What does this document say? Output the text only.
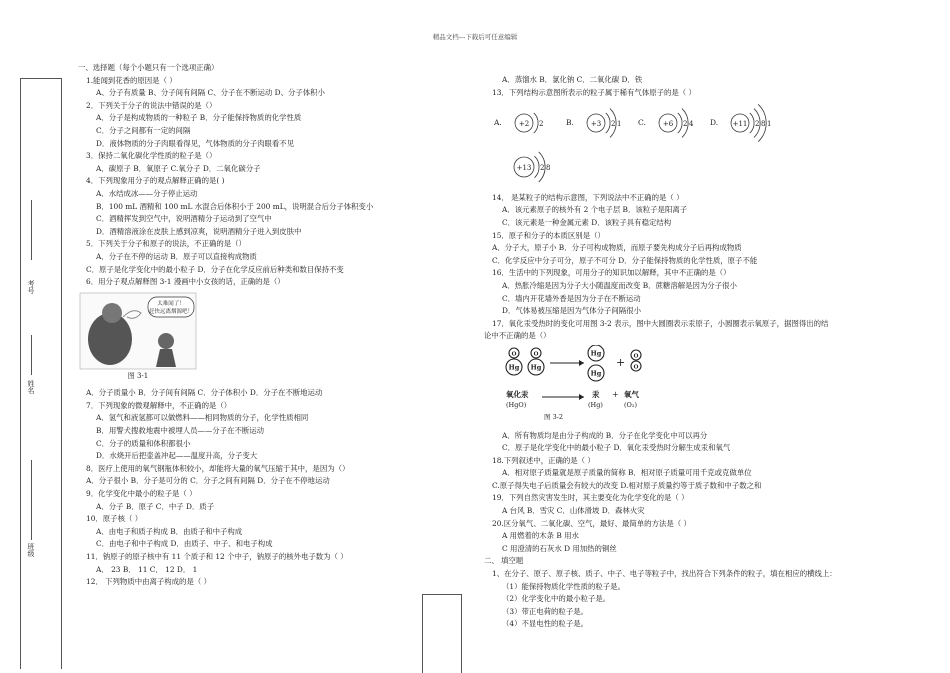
精品文档---下载后可任意编辑
考号
姓名
班级
一、选择题（每个小题只有一个选项正确）
1.能闻到花香的原因是（ ）
A、分子有质量 B、分子间有间隔 C、分子在不断运动 D、分子体积小
2．下列关于分子的说法中错误的是（）
A．分子是构成物质的一种粒子 B．分子能保持物质的化学性质
C．分子之间都有一定的间隔
D．液体物质的分子肉眼看得见，气体物质的分子肉眼看不见
3．保持二氧化碳化学性质的粒子是（）
A．碳原子 B．氧原子 C.氧分子 D．二氧化碳分子
4．下列现象用分子的观点解释正确的是( )
A．水结成冰——分子停止运动
B．100 mL 酒精和 100 mL 水混合后体积小于 200 mL，说明混合后分子体积变小
C．酒精挥发到空气中，说明酒精分子运动到了空气中
D．酒精溶液涂在皮肤上感到凉爽，说明酒精分子进入到皮肤中
5．下列关于分子和原子的说法，不正确的是（）
A．分子在不停的运动 B．原子可以直接构成物质
C．原子是化学变化中的最小粒子 D．分子在化学反应前后种类和数目保持不变
6．用分子观点解释图 3-1 漫画中小女孩的话，正确的是（）
太难闻了！
赶快远离烟源吧！
图 3-1
A．分子质量小 B．分子间有间隔 C．分子体积小 D．分子在不断地运动
7．下列现象的微观解释中，不正确的是（）
A．氢气和液氢都可以做燃料——相同物质的分子，化学性质相同
B．用警犬搜救地震中被埋人员——分子在不断运动
C．分子的质量和体积都很小
D．水烧开后把壶盖冲起——温度升高，分子变大
8．医疗上使用的氧气钢瓶体积较小，却能将大量的氧气压缩于其中，是因为（）
A．分子很小 B．分子是可分的 C．分子之间有间隔 D．分子在不停地运动
9．化学变化中最小的粒子是（ ）
A．分子 B．原子 C．中子 D．质子
10．原子核（ ）
A．由电子和质子构成 B．由质子和中子构成
C．由电子和中子构成 D．由质子、中子、和电子构成
11．钠原子的原子核中有 11 个质子和 12 个中子，钠原子的核外电子数为（ ）
A． 23 B． 11 C． 12 D． 1
12． 下列物质中由离子构成的是（ ）
A．蒸馏水 B．氯化钠 C．二氧化碳 D．铁
13．下列结构示意图所表示的粒子属于稀有气体原子的是（ ）
A. +2 2	B. +3 2 1 C. +6 2 4 D. +11 2 8 1
+13 2 8
14． 是某粒子的结构示意图，下列说法中不正确的是（ ）
A．该元素原子的核外有 2 个电子层 B．该粒子是阳离子
C．该元素是一种金属元素 D．该粒子具有稳定结构
15．原子和分子的本质区别是（）
A．分子大，原子小 B．分子可构成物质，而原子要先构成分子后再构成物质
C．化学反应中分子可分，原子不可分 D．分子能保持物质的化学性质，原子不能
16．生活中的下列现象，可用分子的知识加以解释，其中不正确的是（）
A．热胀冷缩是因为分子大小随温度而改变 B．蔗糖溶解是因为分子很小
C．墙内开花墙外香是因为分子在不断运动
D．气体易被压缩是因为气体分子间隔很小
17．氧化汞受热时的变化可用图 3-2 表示，图中大圆圈表示汞原子，小圆圈表示氧原子，据图得出的结
论中不正确的是（）
O
Hg
O
Hg
Hg
Hg
+ O
O
氧化汞
(HgO)
汞
(Hg)
+ 氧气
(O₂)
图 3-2
A．所有物质均是由分子构成的 B．分子在化学变化中可以再分
C．原子是化学变化中的最小粒子 D．氧化汞受热时分解生成汞和氧气
18.下列叙述中，正确的是（ ）
A．相对原子质量就是原子质量的简称 B．相对原子质量可用千克或克做单位
C.原子得失电子后质量会有较大的改变 D.相对原子质量约等于质子数和中子数之和
19．下列自然灾害发生时，其主要变化为化学变化的是（ ）
A 台风 B．雪灾 C．山体滑坡 D．森林火灾
20.区分氧气、二氧化碳、空气，最好、最简单的方法是（ ）
A 用燃着的木条 B 用水
C 用澄清的石灰水 D 用加热的铜丝
二、 填空题
1、在分子、原子、原子核、质子、中子、电子等粒子中，找出符合下列条件的粒子，填在相应的横线上：
（1）能保持物质化学性质的粒子是。
（2）化学变化中的最小粒子是。
（3）带正电荷的粒子是。
（4）不显电性的粒子是。
